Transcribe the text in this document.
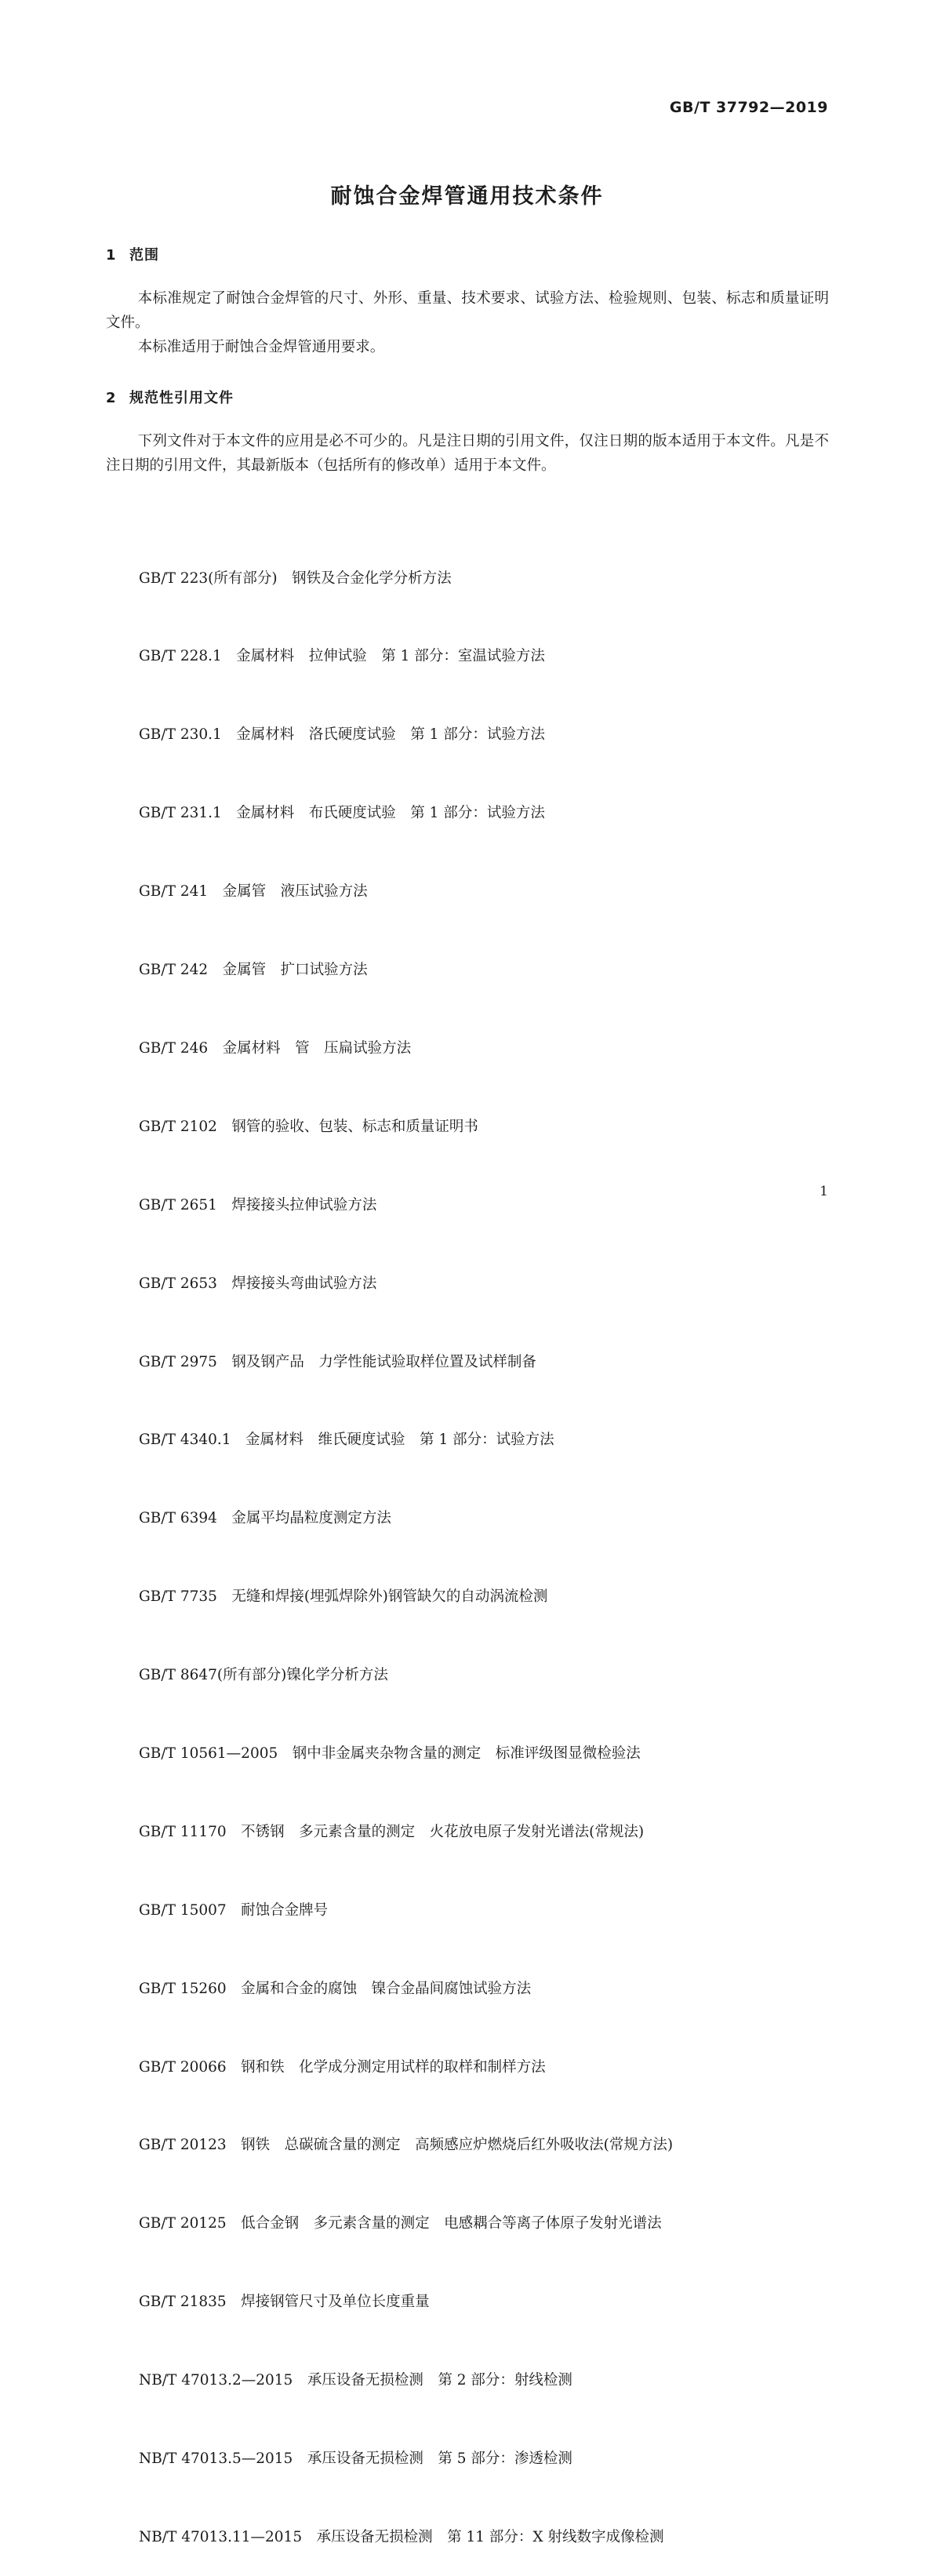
GB/T 37792—2019
耐蚀合金焊管通用技术条件
1 范围

本标准规定了耐蚀合金焊管的尺寸、外形、重量、技术要求、试验方法、检验规则、包装、标志和质量证明文件。

本标准适用于耐蚀合金焊管通用要求。

2 规范性引用文件

下列文件对于本文件的应用是必不可少的。凡是注日期的引用文件，仅注日期的版本适用于本文件。凡是不注日期的引用文件，其最新版本（包括所有的修改单）适用于本文件。

GB/T 223(所有部分)　钢铁及合金化学分析方法

GB/T 228.1　金属材料　拉伸试验　第 1 部分：室温试验方法

GB/T 230.1　金属材料　洛氏硬度试验　第 1 部分：试验方法

GB/T 231.1　金属材料　布氏硬度试验　第 1 部分：试验方法

GB/T 241　金属管　液压试验方法

GB/T 242　金属管　扩口试验方法

GB/T 246　金属材料　管　压扁试验方法

GB/T 2102　钢管的验收、包装、标志和质量证明书

GB/T 2651　焊接接头拉伸试验方法

GB/T 2653　焊接接头弯曲试验方法

GB/T 2975　钢及钢产品　力学性能试验取样位置及试样制备

GB/T 4340.1　金属材料　维氏硬度试验　第 1 部分：试验方法

GB/T 6394　金属平均晶粒度测定方法

GB/T 7735　无缝和焊接(埋弧焊除外)钢管缺欠的自动涡流检测

GB/T 8647(所有部分)镍化学分析方法

GB/T 10561—2005　钢中非金属夹杂物含量的测定　标准评级图显微检验法

GB/T 11170　不锈钢　多元素含量的测定　火花放电原子发射光谱法(常规法)

GB/T 15007　耐蚀合金牌号

GB/T 15260　金属和合金的腐蚀　镍合金晶间腐蚀试验方法

GB/T 20066　钢和铁　化学成分测定用试样的取样和制样方法

GB/T 20123　钢铁　总碳硫含量的测定　高频感应炉燃烧后红外吸收法(常规方法)

GB/T 20125　低合金钢　多元素含量的测定　电感耦合等离子体原子发射光谱法

GB/T 21835　焊接钢管尺寸及单位长度重量

NB/T 47013.2—2015　承压设备无损检测　第 2 部分：射线检测

NB/T 47013.5—2015　承压设备无损检测　第 5 部分：渗透检测

NB/T 47013.11—2015　承压设备无损检测　第 11 部分：X 射线数字成像检测

1
